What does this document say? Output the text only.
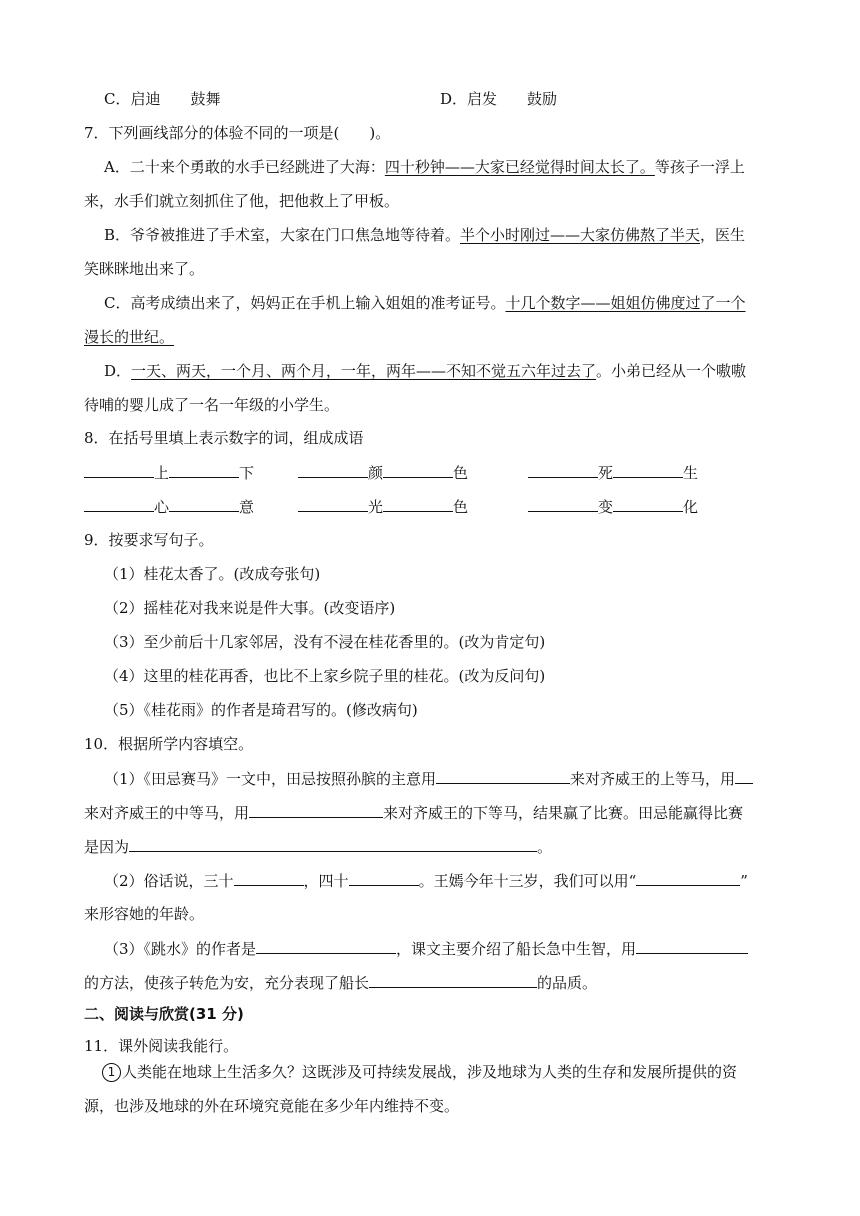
C．启迪 鼓舞	D．启发 鼓励
7．下列画线部分的体验不同的一项是(　　)。
A．二十来个勇敢的水手已经跳进了大海：四十秒钟——大家已经觉得时间太长了。等孩子一浮上
来，水手们就立刻抓住了他，把他救上了甲板。
B．爷爷被推进了手术室，大家在门口焦急地等待着。半个小时刚过——大家仿佛熬了半天，医生
笑眯眯地出来了。
C．高考成绩出来了，妈妈正在手机上输入姐姐的准考证号。十几个数字——姐姐仿佛度过了一个
漫长的世纪。
D．一天、两天，一个月、两个月，一年，两年——不知不觉五六年过去了。小弟已经从一个嗷嗷
待哺的婴儿成了一名一年级的小学生。
8．在括号里填上表示数字的词，组成成语
上	下	颜	色	死	生
心	意	光	色	变	化
9．按要求写句子。
（1）桂花太香了。(改成夸张句)
（2）摇桂花对我来说是件大事。(改变语序)
（3）至少前后十几家邻居，没有不浸在桂花香里的。(改为肯定句)
（4）这里的桂花再香，也比不上家乡院子里的桂花。(改为反问句)
（5）《桂花雨》的作者是琦君写的。(修改病句)
10．根据所学内容填空。
（1）《田忌赛马》一文中，田忌按照孙膑的主意用	来对齐威王的上等马，用
来对齐威王的中等马，用	来对齐威王的下等马，结果赢了比赛。田忌能赢得比赛
是因为	。
（2）俗话说，三十	，四十	。王嫣今年十三岁，我们可以用“	”
来形容她的年龄。
（3）《跳水》的作者是	，课文主要介绍了船长急中生智，用
的方法，使孩子转危为安，充分表现了船长	的品质。
二、阅读与欣赏(31 分)
11．课外阅读我能行。
1 人类能在地球上生活多久？这既涉及可持续发展战，涉及地球为人类的生存和发展所提供的资
源，也涉及地球的外在环境究竟能在多少年内维持不变。
